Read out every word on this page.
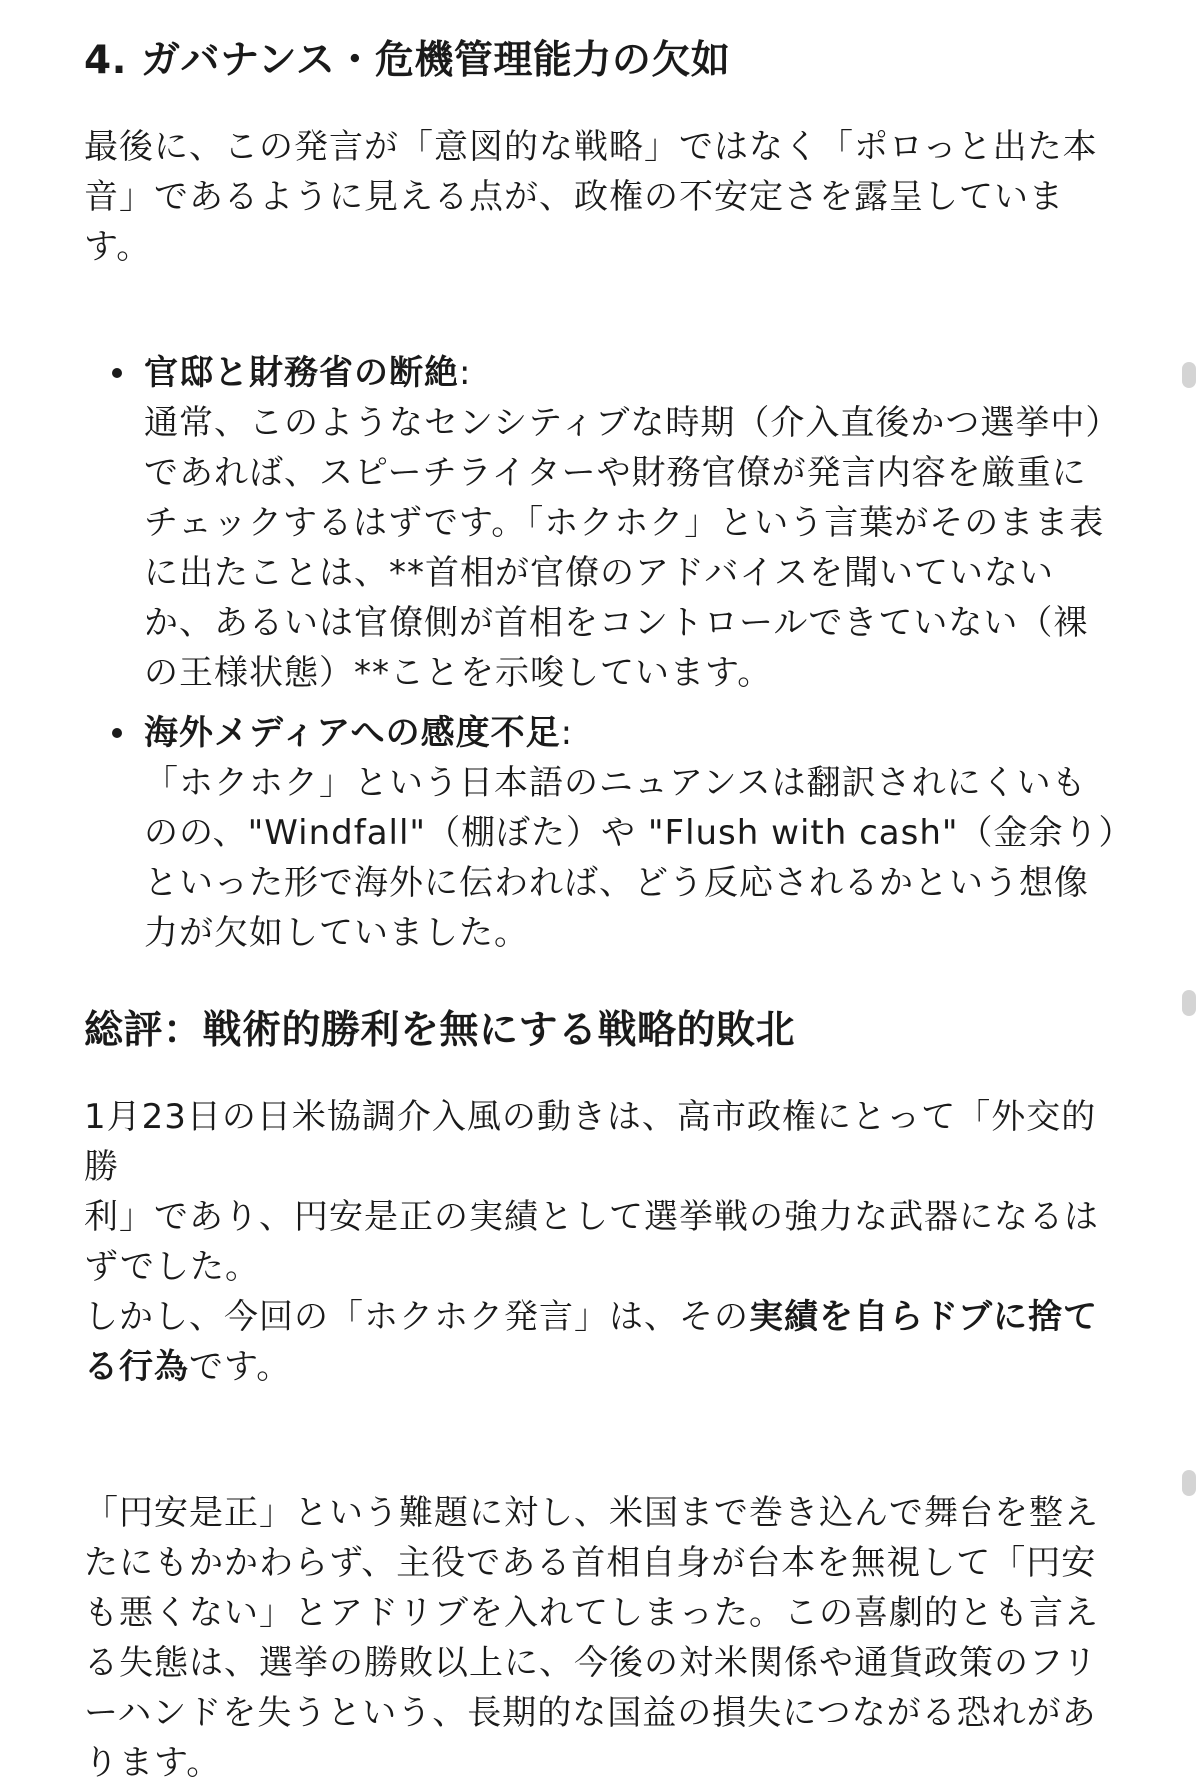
4. ガバナンス・危機管理能力の欠如

最後に、この発言が「意図的な戦略」ではなく「ポロっと出た本
音」であるように見える点が、政権の不安定さを露呈していま
す。

官邸と財務省の断絶:
通常、このようなセンシティブな時期（介入直後かつ選挙中）
であれば、スピーチライターや財務官僚が発言内容を厳重に
チェックするはずです。「ホクホク」という言葉がそのまま表
に出たことは、**首相が官僚のアドバイスを聞いていない
か、あるいは官僚側が首相をコントロールできていない（裸
の王様状態）**ことを示唆しています。
海外メディアへの感度不足:
「ホクホク」という日本語のニュアンスは翻訳されにくいも
のの、"Windfall"（棚ぼた）や "Flush with cash"（金余り）
といった形で海外に伝われば、どう反応されるかという想像
力が欠如していました。
総評：戦術的勝利を無にする戦略的敗北

1月23日の日米協調介入風の動きは、高市政権にとって「外交的勝
利」であり、円安是正の実績として選挙戦の強力な武器になるは
ずでした。
しかし、今回の「ホクホク発言」は、その実績を自らドブに捨て
る行為です。

「円安是正」という難題に対し、米国まで巻き込んで舞台を整え
たにもかかわらず、主役である首相自身が台本を無視して「円安
も悪くない」とアドリブを入れてしまった。この喜劇的とも言え
る失態は、選挙の勝敗以上に、今後の対米関係や通貨政策のフリ
ーハンドを失うという、長期的な国益の損失につながる恐れがあ
ります。
